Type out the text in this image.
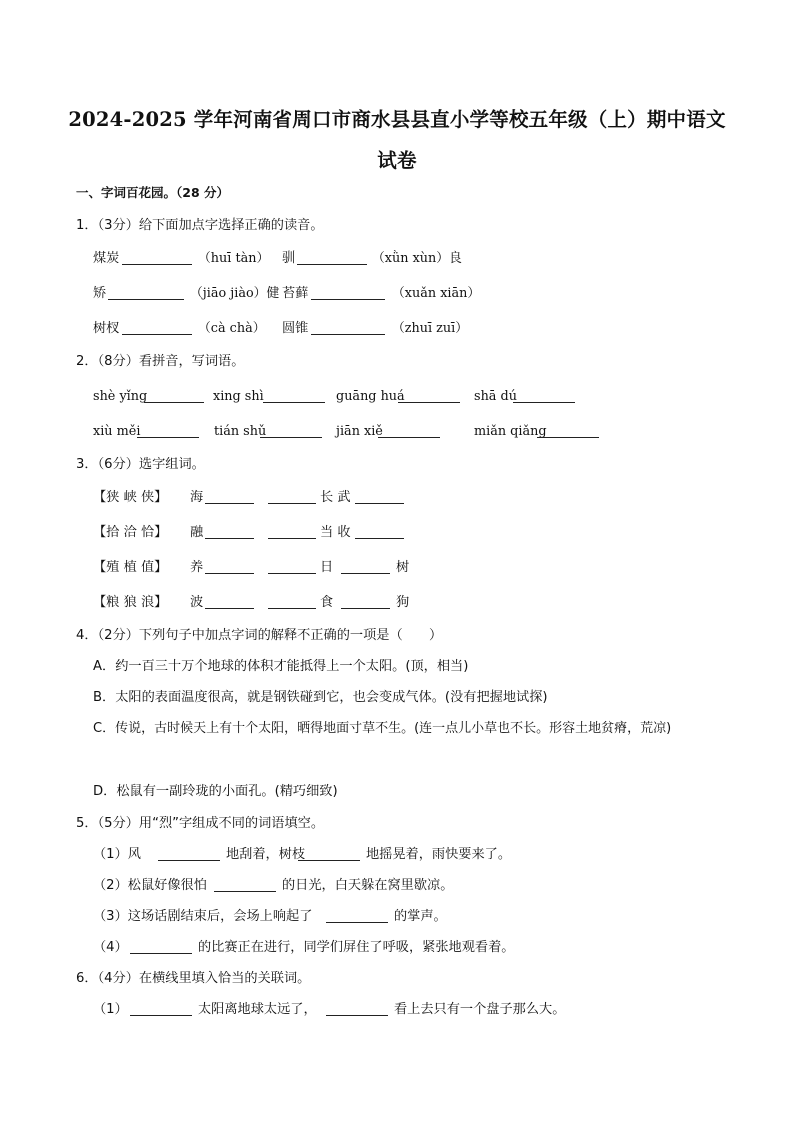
2024-2025 学年河南省周口市商水县县直小学等校五年级（上）期中语文
试卷
一、字词百花园。（28 分）
1．（3分）给下面加点字选择正确的读音。
煤炭	（huī tàn） 驯	（xǜn xùn）良
矫	（jiāo jiào）健 苔藓	（xuǎn xiān）
树杈	（cà chà） 圆锥	（zhuī zuī）
2．（8分）看拼音，写词语。
shè yǐng	xing shì	guāng huá	shā dú
xiù měi	tián shǔ	jiān xiě	miǎn qiǎng
3．（6分）选字组词。
【狭 峡 侠】 海	长 武
【拾 洽 恰】 融	当 收
【殖 植 值】 养	日	树
【粮 狼 浪】 波	食	狗
4．（2分）下列句子中加点字词的解释不正确的一项是（　　）
A．约一百三十万个地球的体积才能抵得上一个太阳。(顶，相当)
B．太阳的表面温度很高，就是钢铁碰到它，也会变成气体。(没有把握地试探)
C．传说，古时候天上有十个太阳，晒得地面寸草不生。(连一点儿小草也不长。形容土地贫瘠，荒凉)
D．松鼠有一副玲珑的小面孔。(精巧细致)
5．（5分）用“烈”字组成不同的词语填空。
（1）风	地刮着，树枝	地摇晃着，雨快要来了。
（2）松鼠好像很怕	的日光，白天躲在窝里歇凉。
（3）这场话剧结束后，会场上响起了	的掌声。
（4）	的比赛正在进行，同学们屏住了呼吸，紧张地观看着。
6．（4分）在横线里填入恰当的关联词。
（1）	太阳离地球太远了，	看上去只有一个盘子那么大。
